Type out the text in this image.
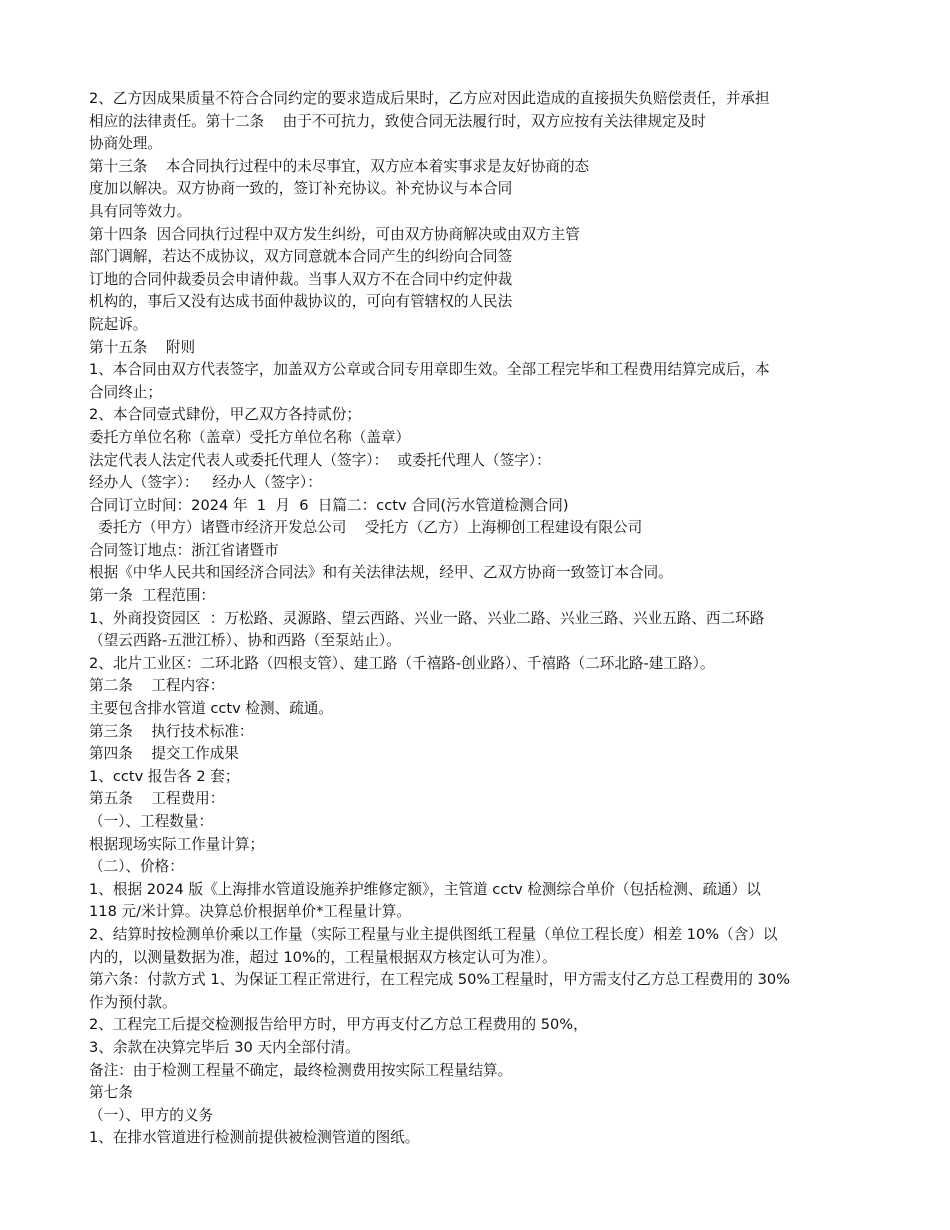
2、乙方因成果质量不符合合同约定的要求造成后果时，乙方应对因此造成的直接损失负赔偿责任，并承担
相应的法律责任。第十二条    由于不可抗力，致使合同无法履行时，双方应按有关法律规定及时
协商处理。
第十三条    本合同执行过程中的未尽事宜，双方应本着实事求是友好协商的态
度加以解决。双方协商一致的，签订补充协议。补充协议与本合同
具有同等效力。
第十四条  因合同执行过程中双方发生纠纷，可由双方协商解决或由双方主管
部门调解，若达不成协议，双方同意就本合同产生的纠纷向合同签
订地的合同仲裁委员会申请仲裁。当事人双方不在合同中约定仲裁
机构的，事后又没有达成书面仲裁协议的，可向有管辖权的人民法
院起诉。
第十五条    附则
1、本合同由双方代表签字，加盖双方公章或合同专用章即生效。全部工程完毕和工程费用结算完成后，本
合同终止；
2、本合同壹式肆份，甲乙双方各持贰份；
委托方单位名称（盖章）受托方单位名称（盖章）
法定代表人法定代表人或委托代理人（签字）：  或委托代理人（签字）：
经办人（签字）：   经办人（签字）：
合同订立时间：2024 年  1  月  6  日篇二：cctv 合同(污水管道检测合同)
委托方（甲方）诸暨市经济开发总公司    受托方（乙方）上海柳创工程建设有限公司
合同签订地点：浙江省诸暨市
根据《中华人民共和国经济合同法》和有关法律法规，经甲、乙双方协商一致签订本合同。
第一条  工程范围：
1、外商投资园区  ：万松路、灵源路、望云西路、兴业一路、兴业二路、兴业三路、兴业五路、西二环路
（望云西路-五泄江桥）、协和西路（至泵站止）。
2、北片工业区：二环北路（四根支管）、建工路（千禧路-创业路）、千禧路（二环北路-建工路）。
第二条    工程内容：
主要包含排水管道 cctv 检测、疏通。
第三条    执行技术标准：
第四条    提交工作成果
1、cctv 报告各 2 套；
第五条    工程费用：
（一）、工程数量：
根据现场实际工作量计算；
（二）、价格：
1、根据 2024 版《上海排水管道设施养护维修定额》，主管道 cctv 检测综合单价（包括检测、疏通）以
118 元/米计算。决算总价根据单价*工程量计算。
2、结算时按检测单价乘以工作量（实际工程量与业主提供图纸工程量（单位工程长度）相差 10%（含）以
内的，以测量数据为准，超过 10%的，工程量根据双方核定认可为准）。
第六条：付款方式 1、为保证工程正常进行，在工程完成 50%工程量时，甲方需支付乙方总工程费用的 30%
作为预付款。
2、工程完工后提交检测报告给甲方时，甲方再支付乙方总工程费用的 50%，
3、余款在决算完毕后 30 天内全部付清。
备注：由于检测工程量不确定，最终检测费用按实际工程量结算。
第七条
（一）、甲方的义务
1、在排水管道进行检测前提供被检测管道的图纸。
